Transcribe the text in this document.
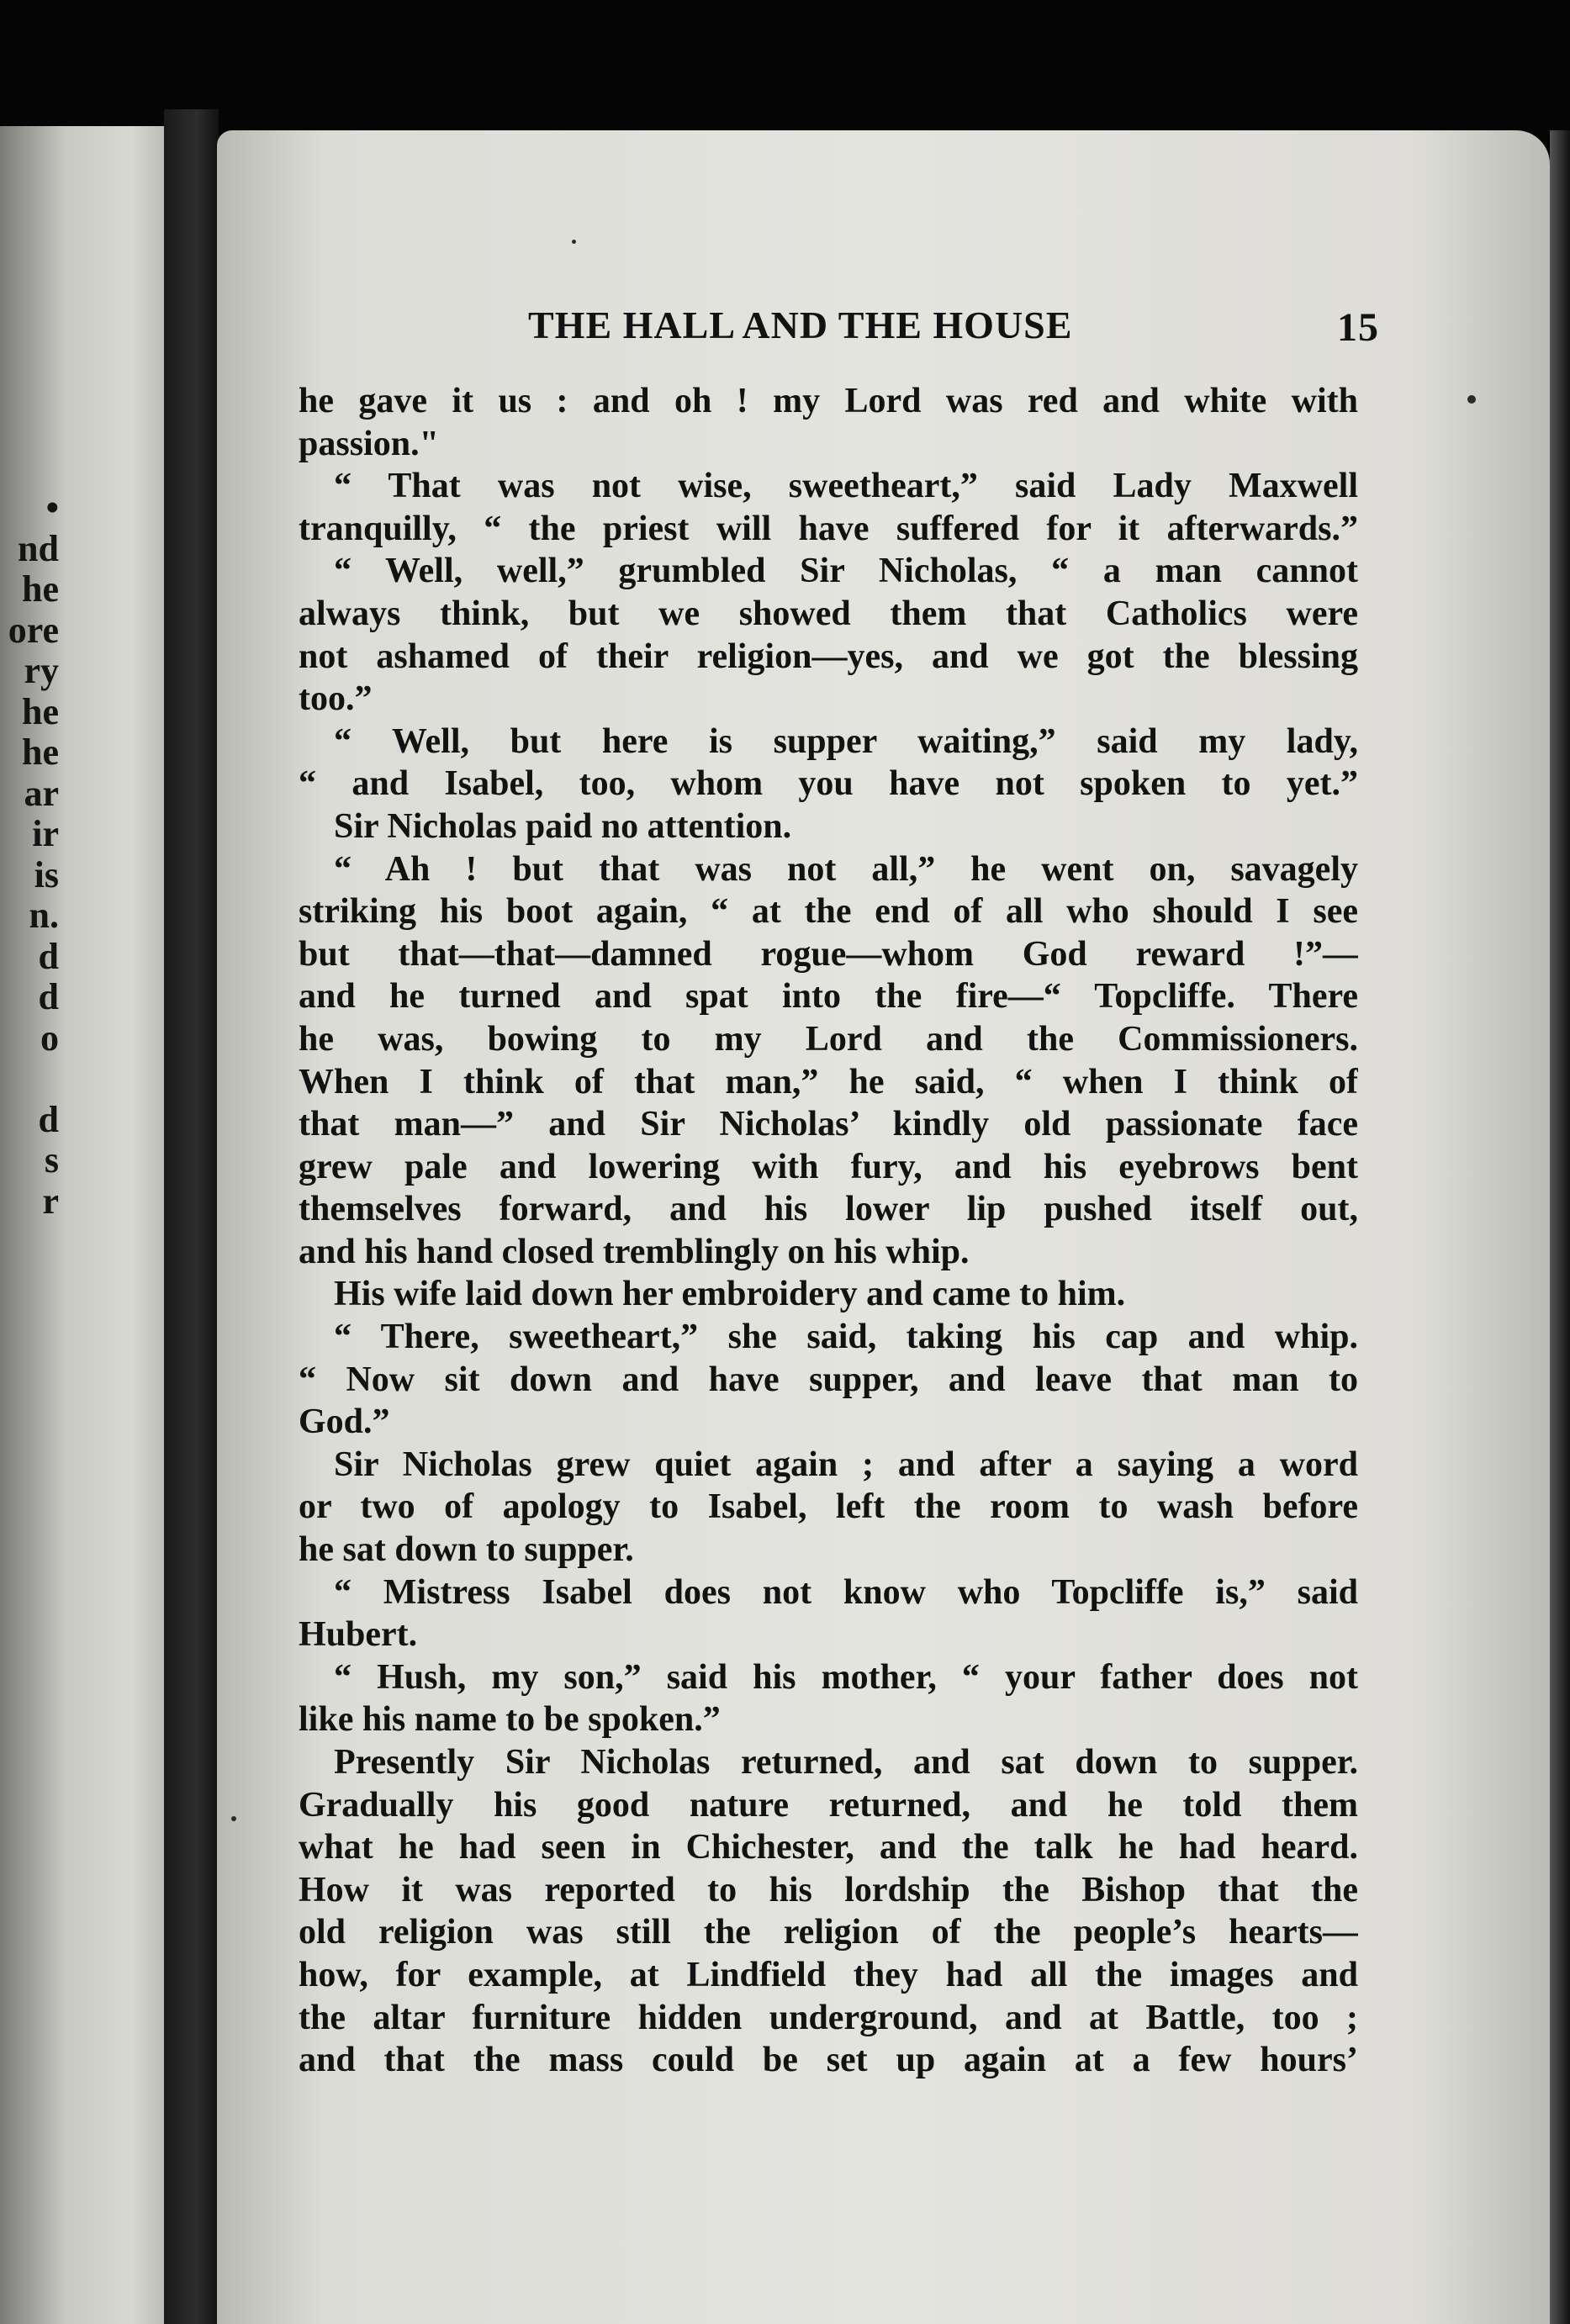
•
nd
he
ore
ry
he
he
ar
ir
is
n.
d
d
o
d
s
r
THE HALL AND THE HOUSE	15
he gave it us : and oh ! my Lord was red and white with
passion."
“ That was not wise, sweetheart,” said Lady Maxwell
tranquilly, “ the priest will have suffered for it afterwards.”
“ Well, well,” grumbled Sir Nicholas, “ a man cannot
always think, but we showed them that Catholics were
not ashamed of their religion—yes, and we got the blessing
too.”
“ Well, but here is supper waiting,” said my lady,
“ and Isabel, too, whom you have not spoken to yet.”
Sir Nicholas paid no attention.
“ Ah ! but that was not all,” he went on, savagely
striking his boot again, “ at the end of all who should I see
but that—that—damned rogue—whom God reward !”—
and he turned and spat into the fire—“ Topcliffe. There
he was, bowing to my Lord and the Commissioners.
When I think of that man,” he said, “ when I think of
that man—” and Sir Nicholas’ kindly old passionate face
grew pale and lowering with fury, and his eyebrows bent
themselves forward, and his lower lip pushed itself out,
and his hand closed tremblingly on his whip.
His wife laid down her embroidery and came to him.
“ There, sweetheart,” she said, taking his cap and whip.
“ Now sit down and have supper, and leave that man to
God.”
Sir Nicholas grew quiet again ; and after a saying a word
or two of apology to Isabel, left the room to wash before
he sat down to supper.
“ Mistress Isabel does not know who Topcliffe is,” said
Hubert.
“ Hush, my son,” said his mother, “ your father does not
like his name to be spoken.”
Presently Sir Nicholas returned, and sat down to supper.
Gradually his good nature returned, and he told them
what he had seen in Chichester, and the talk he had heard.
How it was reported to his lordship the Bishop that the
old religion was still the religion of the people’s hearts—
how, for example, at Lindfield they had all the images and
the altar furniture hidden underground, and at Battle, too ;
and that the mass could be set up again at a few hours’
